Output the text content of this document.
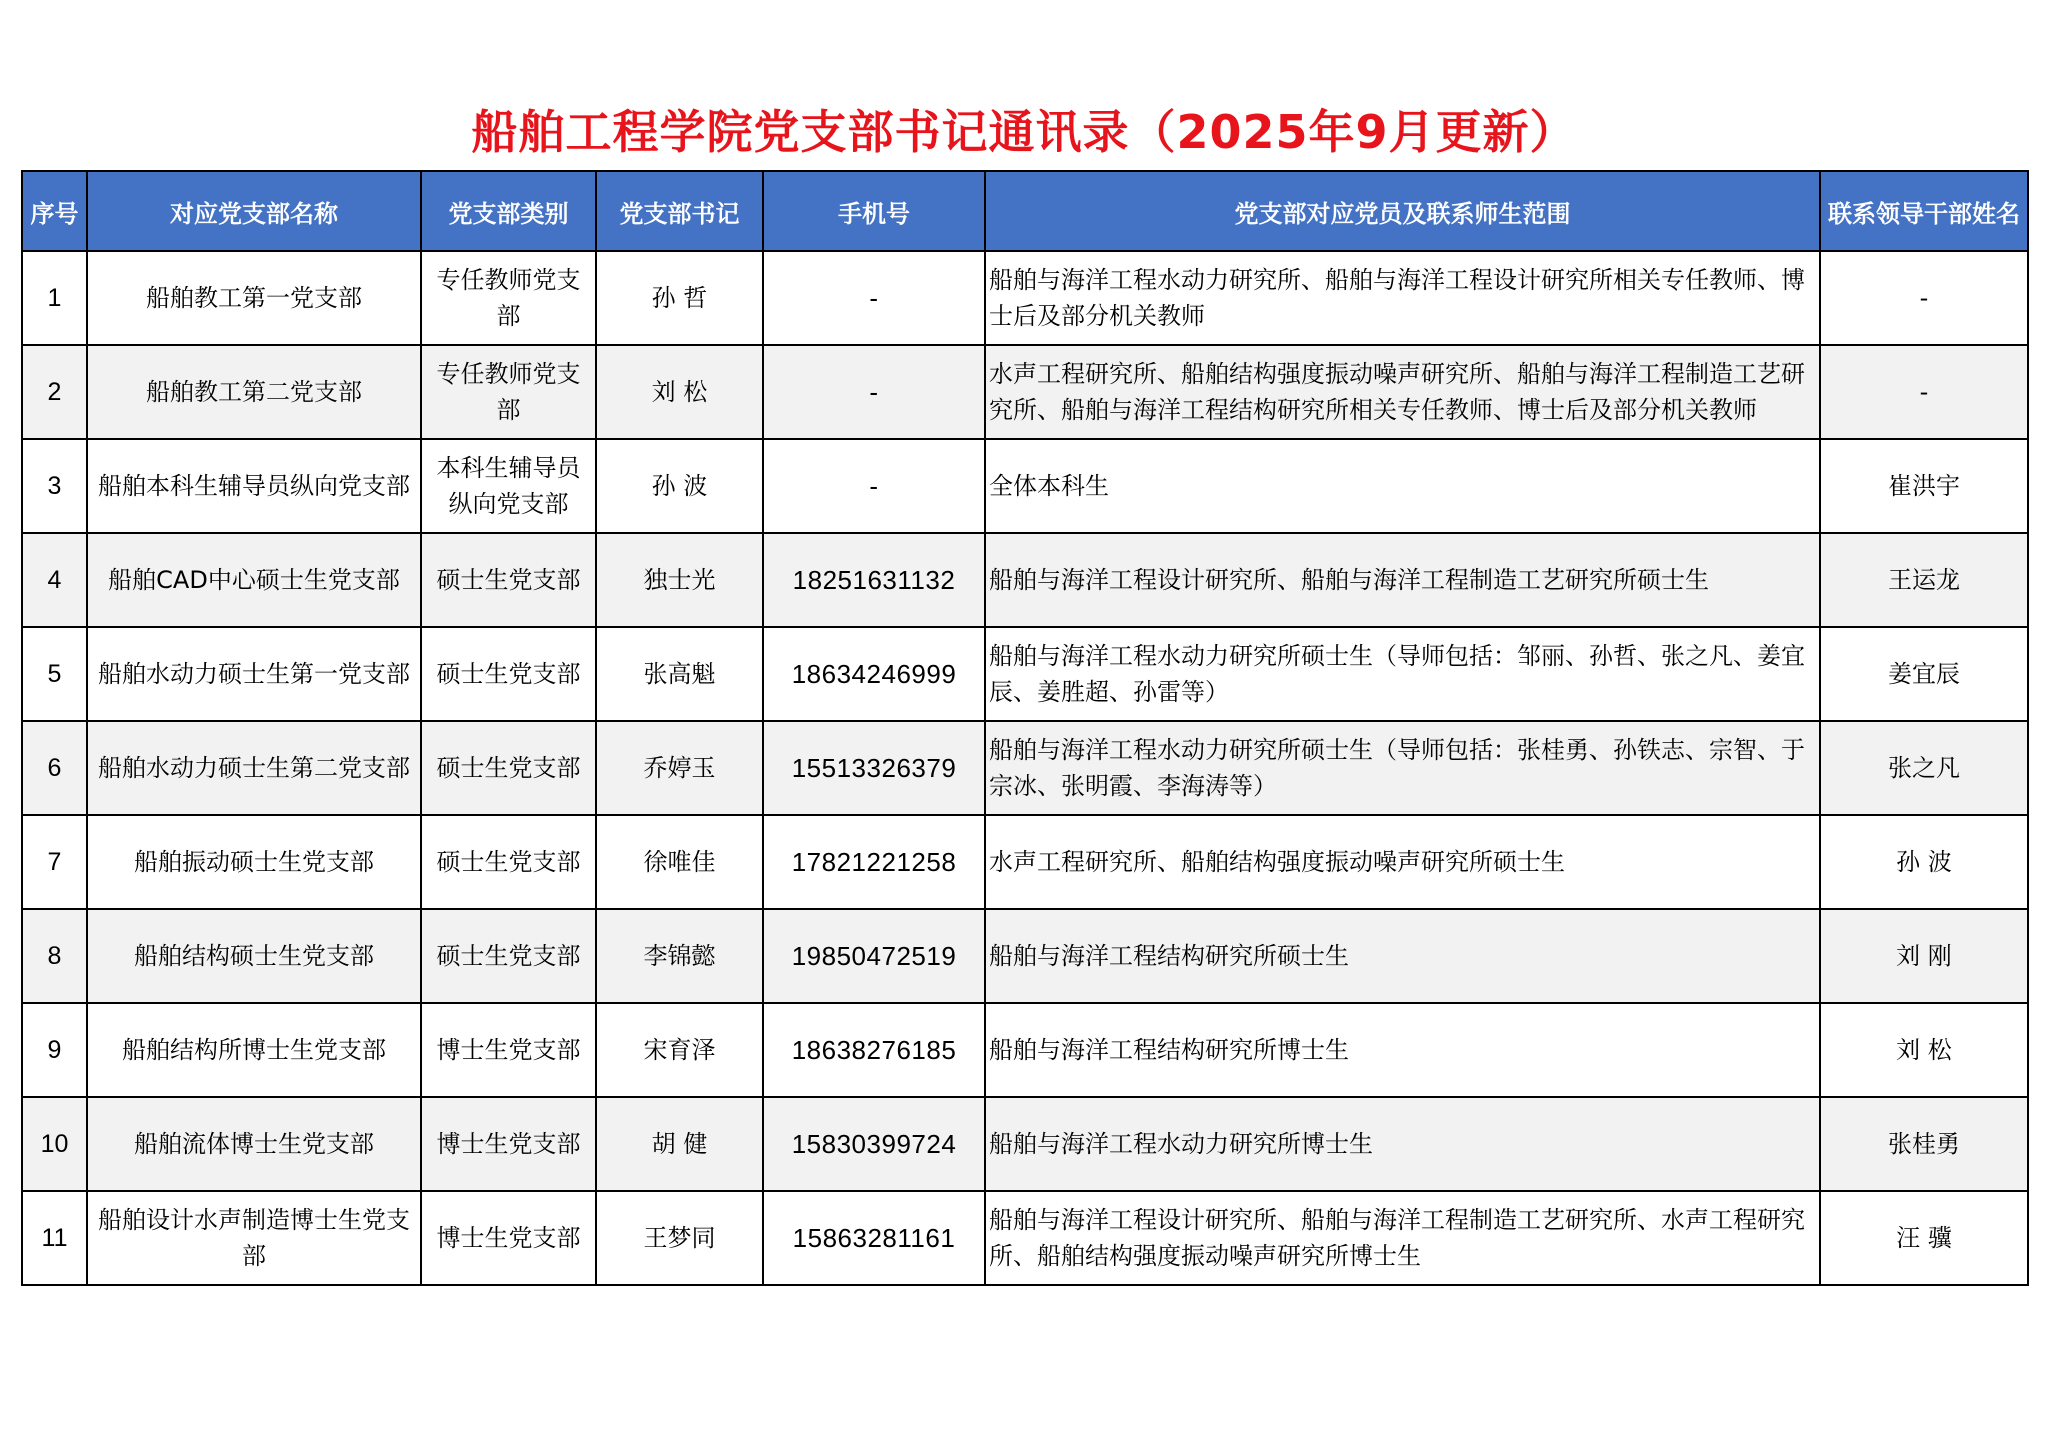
船舶工程学院党支部书记通讯录（2025年9月更新）
序号	对应党支部名称	党支部类别	党支部书记	手机号	党支部对应党员及联系师生范围	联系领导干部姓名
1	船舶教工第一党支部	专任教师党支部	孙 哲	-	船舶与海洋工程水动力研究所、船舶与海洋工程设计研究所相关专任教师、博士后及部分机关教师	-
2	船舶教工第二党支部	专任教师党支部	刘 松	-	水声工程研究所、船舶结构强度振动噪声研究所、船舶与海洋工程制造工艺研究所、船舶与海洋工程结构研究所相关专任教师、博士后及部分机关教师	-
3	船舶本科生辅导员纵向党支部	本科生辅导员纵向党支部	孙 波	-	全体本科生	崔洪宇
4	船舶CAD中心硕士生党支部	硕士生党支部	独士光	18251631132	船舶与海洋工程设计研究所、船舶与海洋工程制造工艺研究所硕士生	王运龙
5	船舶水动力硕士生第一党支部	硕士生党支部	张高魁	18634246999	船舶与海洋工程水动力研究所硕士生（导师包括：邹丽、孙哲、张之凡、姜宜辰、姜胜超、孙雷等）	姜宜辰
6	船舶水动力硕士生第二党支部	硕士生党支部	乔婷玉	15513326379	船舶与海洋工程水动力研究所硕士生（导师包括：张桂勇、孙铁志、宗智、于宗冰、张明霞、李海涛等）	张之凡
7	船舶振动硕士生党支部	硕士生党支部	徐唯佳	17821221258	水声工程研究所、船舶结构强度振动噪声研究所硕士生	孙 波
8	船舶结构硕士生党支部	硕士生党支部	李锦懿	19850472519	船舶与海洋工程结构研究所硕士生	刘 刚
9	船舶结构所博士生党支部	博士生党支部	宋育泽	18638276185	船舶与海洋工程结构研究所博士生	刘 松
10	船舶流体博士生党支部	博士生党支部	胡 健	15830399724	船舶与海洋工程水动力研究所博士生	张桂勇
11	船舶设计水声制造博士生党支部	博士生党支部	王梦同	15863281161	船舶与海洋工程设计研究所、船舶与海洋工程制造工艺研究所、水声工程研究所、船舶结构强度振动噪声研究所博士生	汪 骥
